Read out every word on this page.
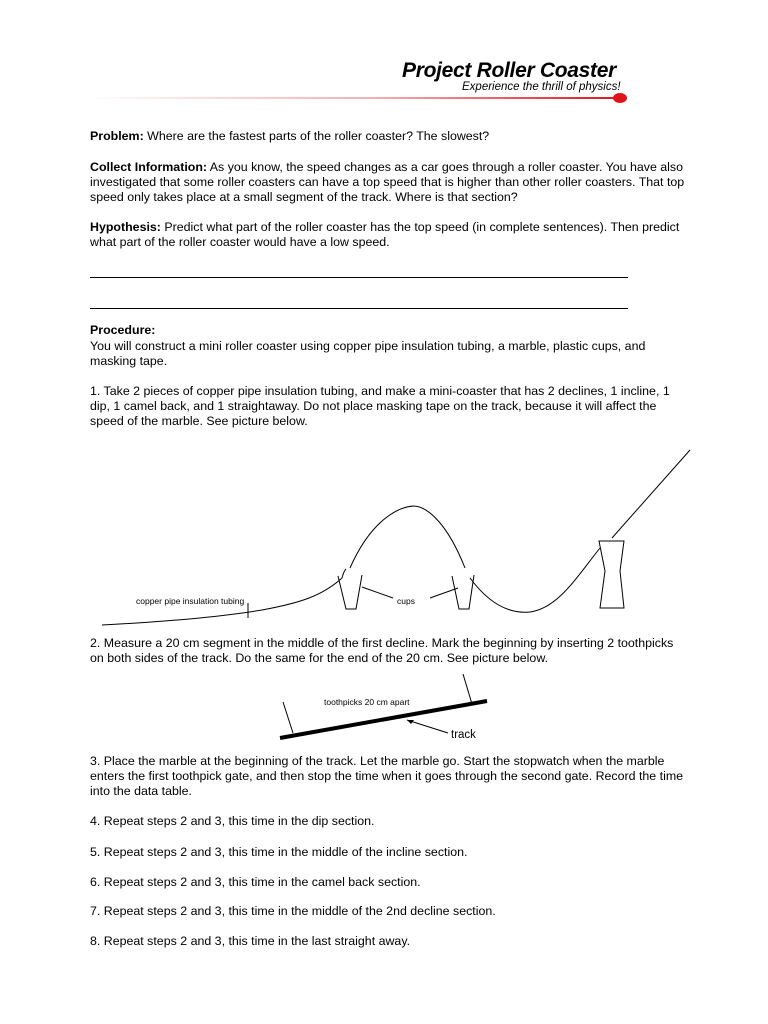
Project Roller Coaster
Experience the thrill of physics!
Problem: Where are the fastest parts of the roller coaster? The slowest?
Collect Information: As you know, the speed changes as a car goes through a roller coaster. You have also investigated that some roller coasters can have a top speed that is higher than other roller coasters. That top speed only takes place at a small segment of the track. Where is that section?
Hypothesis: Predict what part of the roller coaster has the top speed (in complete sentences). Then predict what part of the roller coaster would have a low speed.
Procedure:
You will construct a mini roller coaster using copper pipe insulation tubing, a marble, plastic cups, and masking tape.
1. Take 2 pieces of copper pipe insulation tubing, and make a mini-coaster that has 2 declines, 1 incline, 1 dip, 1 camel back, and 1 straightaway. Do not place masking tape on the track, because it will affect the speed of the marble. See picture below.
copper pipe insulation tubing	cups
2. Measure a 20 cm segment in the middle of the first decline. Mark the beginning by inserting 2 toothpicks on both sides of the track. Do the same for the end of the 20 cm. See picture below.
toothpicks 20 cm apart
track
3. Place the marble at the beginning of the track. Let the marble go. Start the stopwatch when the marble enters the first toothpick gate, and then stop the time when it goes through the second gate. Record the time into the data table.
4. Repeat steps 2 and 3, this time in the dip section.
5. Repeat steps 2 and 3, this time in the middle of the incline section.
6. Repeat steps 2 and 3, this time in the camel back section.
7. Repeat steps 2 and 3, this time in the middle of the 2nd decline section.
8. Repeat steps 2 and 3, this time in the last straight away.
